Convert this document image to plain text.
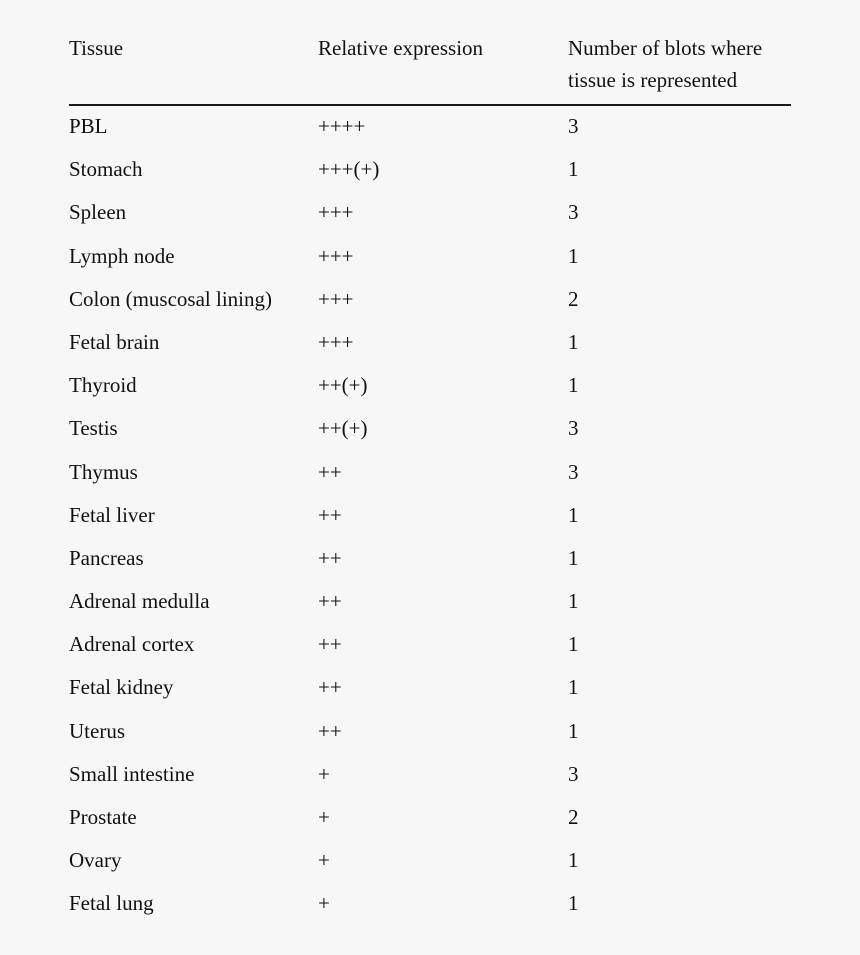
Tissue	Relative expression	Number of blots where tissue is represented
PBL	++++	3
Stomach	+++(+)	1
Spleen	+++	3
Lymph node	+++	1
Colon (muscosal lining) +++	2
Fetal brain	+++	1
Thyroid	++(+)	1
Testis	++(+)	3
Thymus	++	3
Fetal liver	++	1
Pancreas	++	1
Adrenal medulla	++	1
Adrenal cortex	++	1
Fetal kidney	++	1
Uterus	++	1
Small intestine	+	3
Prostate	+	2
Ovary	+	1
Fetal lung	+	1
